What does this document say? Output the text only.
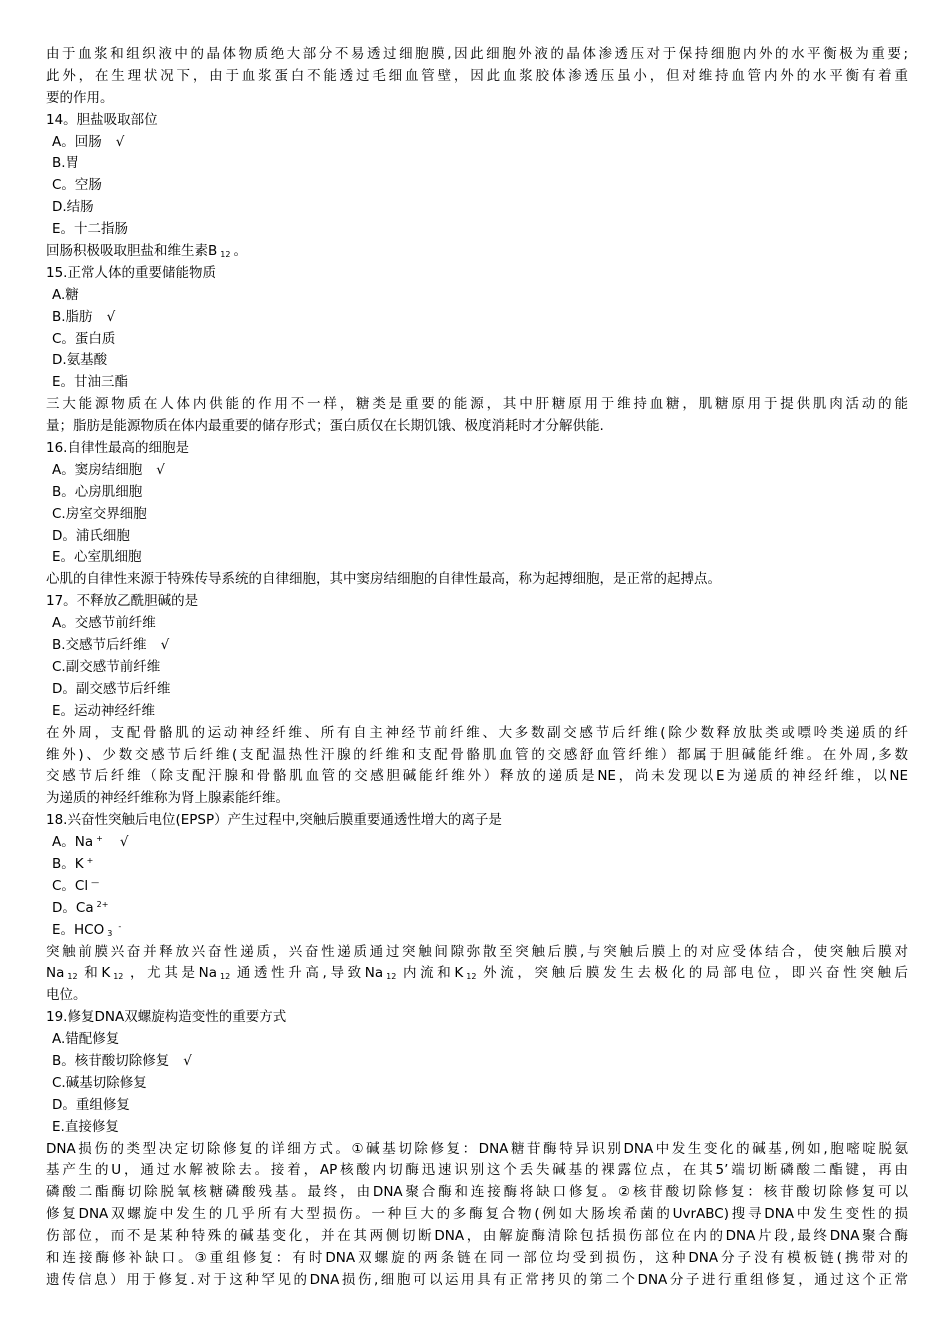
由于血浆和组织液中的晶体物质绝大部分不易透过细胞膜,因此细胞外液的晶体渗透压对于保持细胞内外的水平衡极为重要;
此外，在生理状况下，由于血浆蛋白不能透过毛细血管壁，因此血浆胶体渗透压虽小，但对维持血管内外的水平衡有着重
要的作用。
14。胆盐吸取部位
A。回肠 √
B.胃
C。空肠
D.结肠
E。十二指肠
回肠积极吸取胆盐和维生素B $_{12}$ 。
15.正常人体的重要储能物质
A.糖
B.脂肪 √
C。蛋白质
D.氨基酸
E。甘油三酯
三大能源物质在人体内供能的作用不一样，糖类是重要的能源，其中肝糖原用于维持血糖，肌糖原用于提供肌肉活动的能
量；脂肪是能源物质在体内最重要的储存形式；蛋白质仅在长期饥饿、极度消耗时才分解供能.
16.自律性最高的细胞是
A。窦房结细胞 √
B。心房肌细胞
C.房室交界细胞
D。浦氏细胞
E。心室肌细胞
心肌的自律性来源于特殊传导系统的自律细胞，其中窦房结细胞的自律性最高，称为起搏细胞，是正常的起搏点。
17。不释放乙酰胆碱的是
A。交感节前纤维
B.交感节后纤维 √
C.副交感节前纤维
D。副交感节后纤维
E。运动神经纤维
在外周，支配骨骼肌的运动神经纤维、所有自主神经节前纤维、大多数副交感节后纤维(除少数释放肽类或嘌呤类递质的纤
维外)、少数交感节后纤维(支配温热性汗腺的纤维和支配骨骼肌血管的交感舒血管纤维）都属于胆碱能纤维。在外周,多数
交感节后纤维（除支配汗腺和骨骼肌血管的交感胆碱能纤维外）释放的递质是NE，尚未发现以E为递质的神经纤维，以NE
为递质的神经纤维称为肾上腺素能纤维。
18.兴奋性突触后电位(EPSP）产生过程中,突触后膜重要通透性增大的离子是
A。Na + √
B。K +
C。Cl —
D。Ca $^{2+}$
E。HCO $_3$-
突触前膜兴奋并释放兴奋性递质，兴奋性递质通过突触间隙弥散至突触后膜,与突触后膜上的对应受体结合，使突触后膜对
Na $_{12}$ 和K $_{12}$ ，尤其是Na $_{12}$ 通透性升高,导致Na $_{12}$ 内流和K $_{12}$ 外流，突触后膜发生去极化的局部电位，即兴奋性突触后
电位。
19.修复DNA双螺旋构造变性的重要方式
A.错配修复
B。核苷酸切除修复 √
C.碱基切除修复
D。重组修复
E.直接修复
DNA损伤的类型决定切除修复的详细方式。①碱基切除修复：DNA糖苷酶特异识别DNA中发生变化的碱基,例如,胞嘧啶脱氨
基产生的U，通过水解被除去。接着，AP核酸内切酶迅速识别这个丢失碱基的裸露位点，在其5’端切断磷酸二酯键，再由
磷酸二酯酶切除脱氧核糖磷酸残基。最终，由DNA聚合酶和连接酶将缺口修复。②核苷酸切除修复：核苷酸切除修复可以
修复DNA双螺旋中发生的几乎所有大型损伤。一种巨大的多酶复合物(例如大肠埃希菌的UvrABC)搜寻DNA中发生变性的损
伤部位，而不是某种特殊的碱基变化，并在其两侧切断DNA，由解旋酶清除包括损伤部位在内的DNA片段,最终DNA聚合酶
和连接酶修补缺口。③重组修复：有时DNA双螺旋的两条链在同一部位均受到损伤，这种DNA分子没有模板链(携带对的
遗传信息）用于修复.对于这种罕见的DNA损伤,细胞可以运用具有正常拷贝的第二个DNA分子进行重组修复，通过这个正常
